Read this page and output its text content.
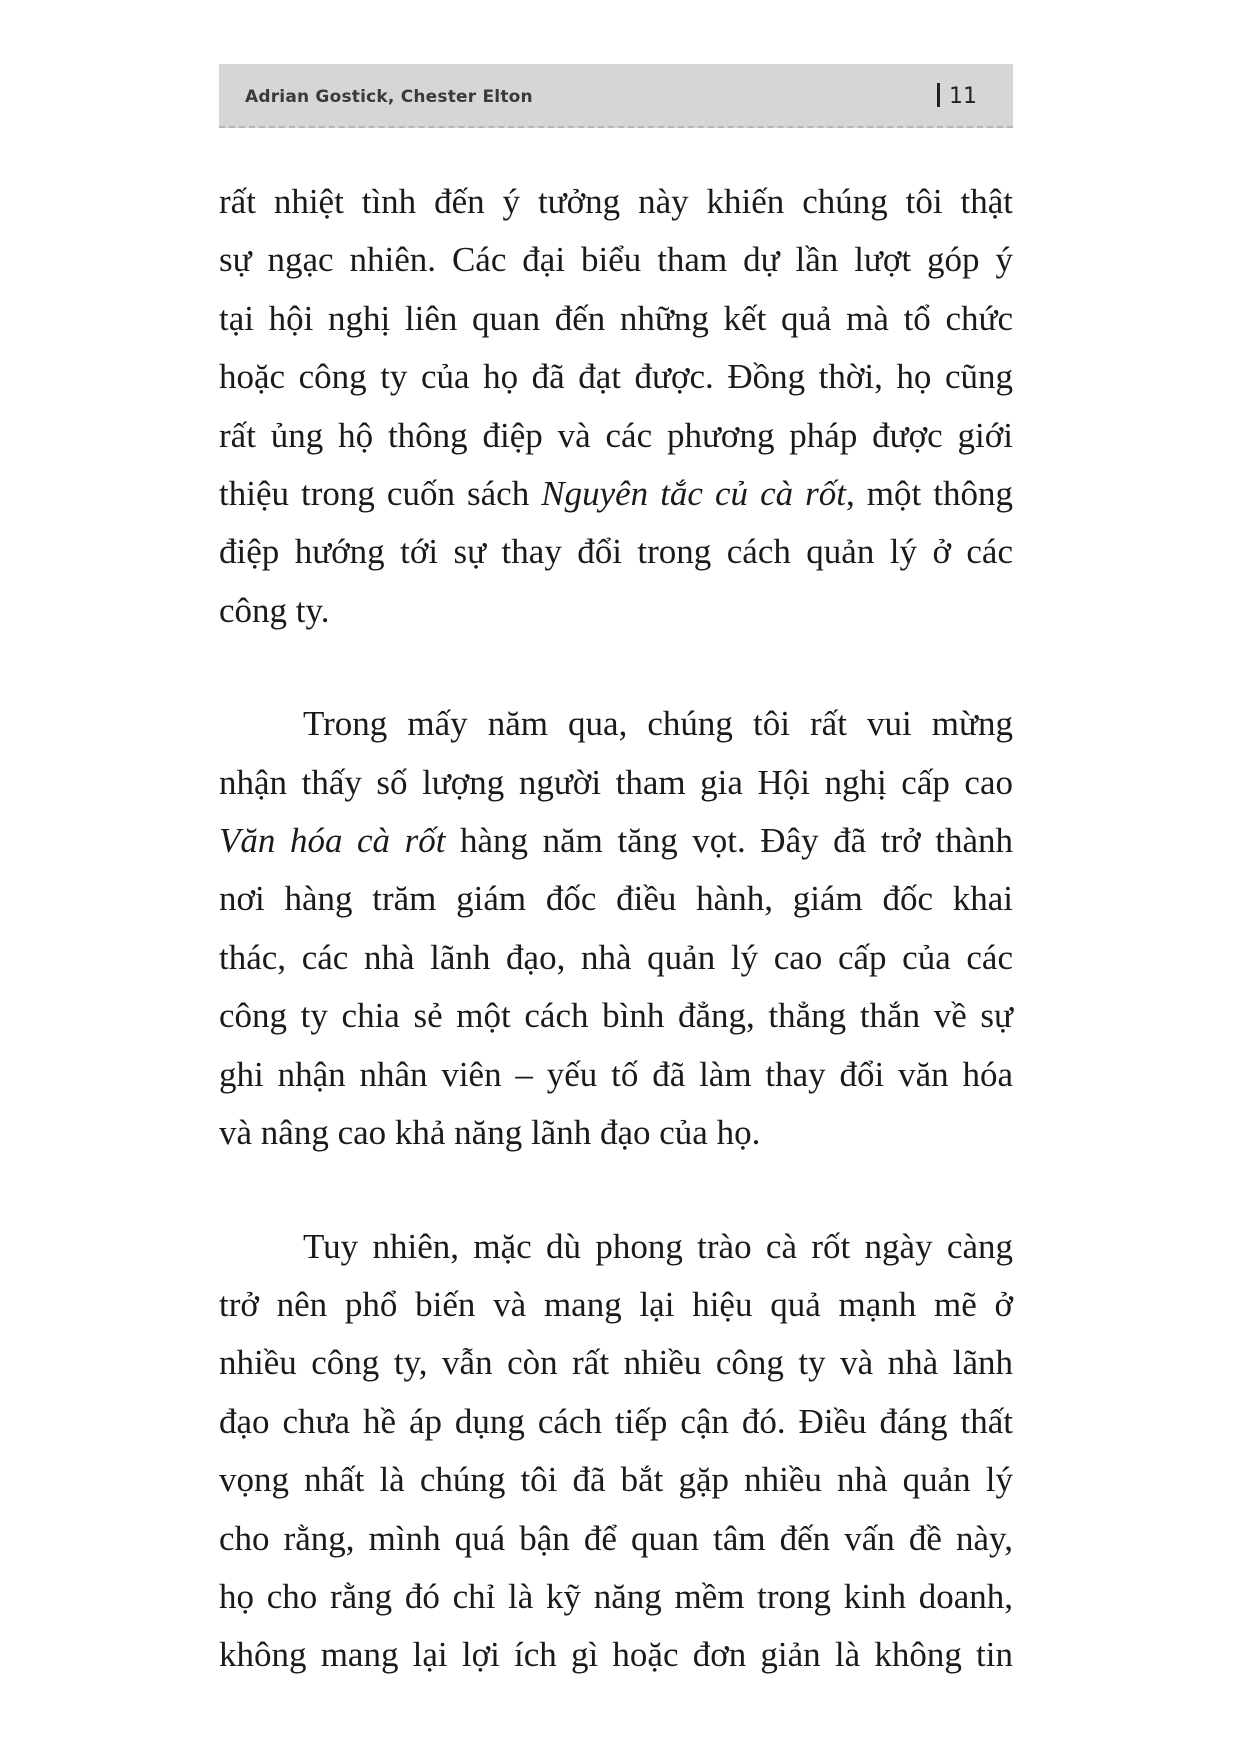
Adrian Gostick, Chester Elton	11
rất nhiệt tình đến ý tưởng này khiến chúng tôi thật
sự ngạc nhiên. Các đại biểu tham dự lần lượt góp ý
tại hội nghị liên quan đến những kết quả mà tổ chức
hoặc công ty của họ đã đạt được. Đồng thời, họ cũng
rất ủng hộ thông điệp và các phương pháp được giới
thiệu trong cuốn sách Nguyên tắc củ cà rốt, một thông
điệp hướng tới sự thay đổi trong cách quản lý ở các
công ty.
Trong mấy năm qua, chúng tôi rất vui mừng
nhận thấy số lượng người tham gia Hội nghị cấp cao
Văn hóa cà rốt hàng năm tăng vọt. Đây đã trở thành
nơi hàng trăm giám đốc điều hành, giám đốc khai
thác, các nhà lãnh đạo, nhà quản lý cao cấp của các
công ty chia sẻ một cách bình đẳng, thẳng thắn về sự
ghi nhận nhân viên – yếu tố đã làm thay đổi văn hóa
và nâng cao khả năng lãnh đạo của họ.
Tuy nhiên, mặc dù phong trào cà rốt ngày càng
trở nên phổ biến và mang lại hiệu quả mạnh mẽ ở
nhiều công ty, vẫn còn rất nhiều công ty và nhà lãnh
đạo chưa hề áp dụng cách tiếp cận đó. Điều đáng thất
vọng nhất là chúng tôi đã bắt gặp nhiều nhà quản lý
cho rằng, mình quá bận để quan tâm đến vấn đề này,
họ cho rằng đó chỉ là kỹ năng mềm trong kinh doanh,
không mang lại lợi ích gì hoặc đơn giản là không tin
